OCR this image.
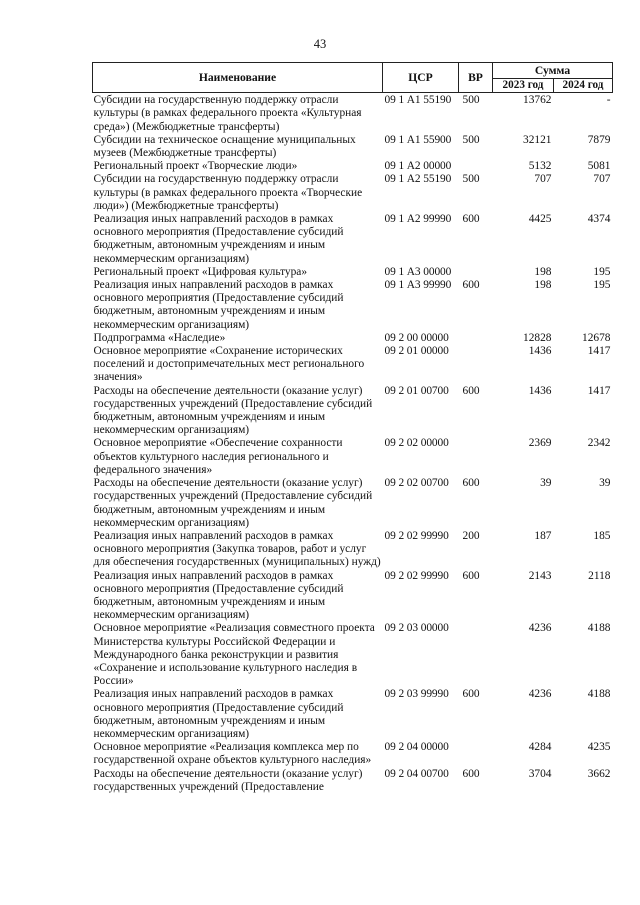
43
Наименование	ЦСР	ВР	Сумма	
			2023 год	2024 год
Субсидии на государственную поддержку отрасли культуры (в рамках федерального проекта «Культурная среда») (Межбюджетные трансферты)	09 1 А1 55190	500	13762	-
Субсидии на техническое оснащение муниципальных музеев (Межбюджетные трансферты)	09 1 А1 55900	500	32121	7879
Региональный проект «Творческие люди»	09 1 А2 00000		5132	5081
Субсидии на государственную поддержку отрасли культуры (в рамках федерального проекта «Творческие люди») (Межбюджетные трансферты)	09 1 А2 55190	500	707	707
Реализация иных направлений расходов в рамках основного мероприятия (Предоставление субсидий бюджетным, автономным учреждениям и иным некоммерческим организациям)	09 1 А2 99990	600	4425	4374
Региональный проект «Цифровая культура»	09 1 А3 00000		198	195
Реализация иных направлений расходов в рамках основного мероприятия (Предоставление субсидий бюджетным, автономным учреждениям и иным некоммерческим организациям)	09 1 А3 99990	600	198	195
Подпрограмма «Наследие»	09 2 00 00000		12828	12678
Основное мероприятие «Сохранение исторических поселений и достопримечательных мест регионального значения»	09 2 01 00000		1436	1417
Расходы на обеспечение деятельности (оказание услуг) государственных учреждений (Предоставление субсидий бюджетным, автономным учреждениям и иным некоммерческим организациям)	09 2 01 00700	600	1436	1417
Основное мероприятие «Обеспечение сохранности объектов культурного наследия регионального и федерального значения»	09 2 02 00000		2369	2342
Расходы на обеспечение деятельности (оказание услуг) государственных учреждений (Предоставление субсидий бюджетным, автономным учреждениям и иным некоммерческим организациям)	09 2 02 00700	600	39	39
Реализация иных направлений расходов в рамках основного мероприятия (Закупка товаров, работ и услуг для обеспечения государственных (муниципальных) нужд)	09 2 02 99990	200	187	185
Реализация иных направлений расходов в рамках основного мероприятия (Предоставление субсидий бюджетным, автономным учреждениям и иным некоммерческим организациям)	09 2 02 99990	600	2143	2118
Основное мероприятие «Реализация совместного проекта Министерства культуры Российской Федерации и Международного банка реконструкции и развития «Сохранение и использование культурного наследия в России»	09 2 03 00000		4236	4188
Реализация иных направлений расходов в рамках основного мероприятия (Предоставление субсидий бюджетным, автономным учреждениям и иным некоммерческим организациям)	09 2 03 99990	600	4236	4188
Основное мероприятие «Реализация комплекса мер по государственной охране объектов культурного наследия»	09 2 04 00000		4284	4235
Расходы на обеспечение деятельности (оказание услуг) государственных учреждений (Предоставление	09 2 04 00700	600	3704	3662
